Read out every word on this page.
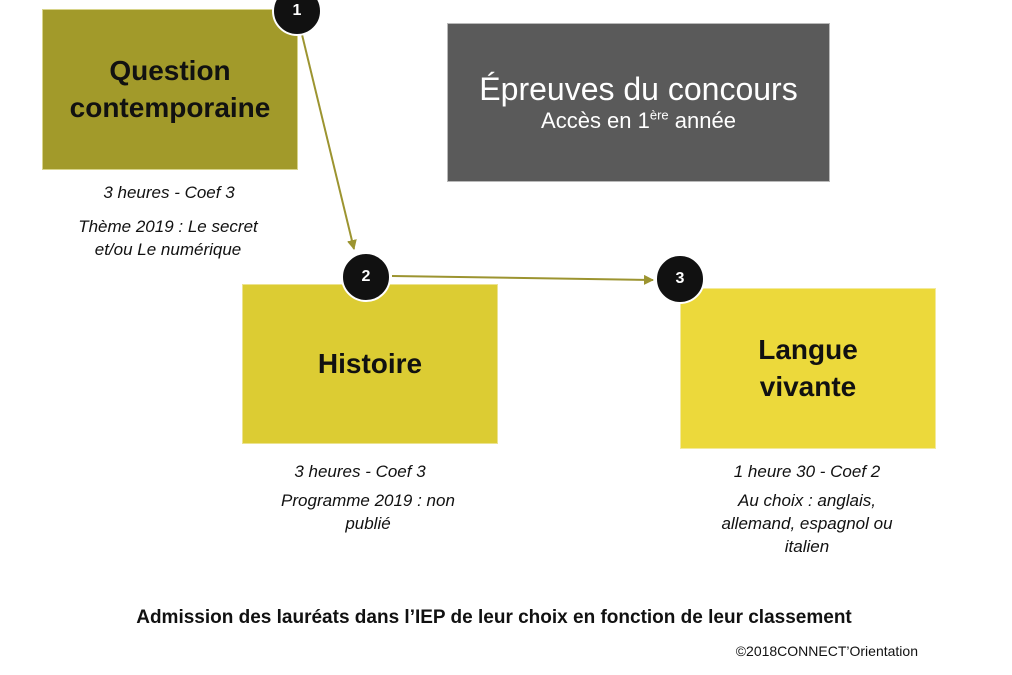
Question
contemporaine
Épreuves du concours
Accès en 1ère année
Histoire	Langue
vivante
1
2	3
3 heures - Coef 3
Thème 2019 : Le secret
et/ou Le numérique
3 heures - Coef 3
Programme 2019 : non
publié
1 heure 30 - Coef 2
Au choix : anglais,
allemand, espagnol ou
italien
Admission des lauréats dans l’IEP de leur choix en fonction de leur classement
©2018CONNECT’Orientation
